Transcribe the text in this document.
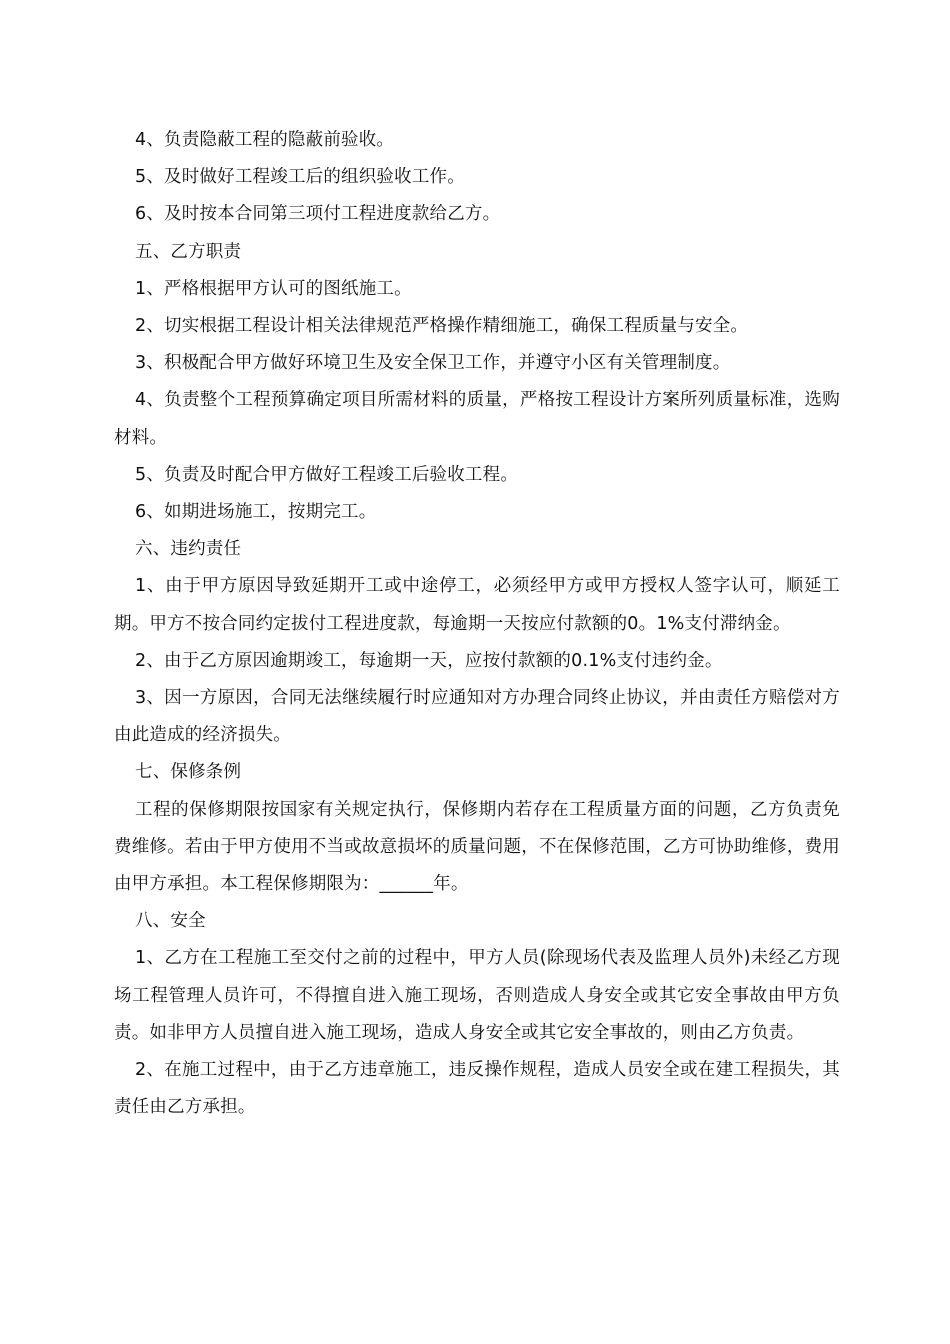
4、负责隐蔽工程的隐蔽前验收。

5、及时做好工程竣工后的组织验收工作。

6、及时按本合同第三项付工程进度款给乙方。

五、乙方职责

1、严格根据甲方认可的图纸施工。

2、切实根据工程设计相关法律规范严格操作精细施工，确保工程质量与安全。

3、积极配合甲方做好环境卫生及安全保卫工作，并遵守小区有关管理制度。

4、负责整个工程预算确定项目所需材料的质量，严格按工程设计方案所列质量标准，选购材料。

5、负责及时配合甲方做好工程竣工后验收工程。

6、如期进场施工，按期完工。

六、违约责任

1、由于甲方原因导致延期开工或中途停工，必须经甲方或甲方授权人签字认可，顺延工期。甲方不按合同约定拔付工程进度款，每逾期一天按应付款额的0。1%支付滞纳金。

2、由于乙方原因逾期竣工，每逾期一天，应按付款额的0.1%支付违约金。

3、因一方原因，合同无法继续履行时应通知对方办理合同终止协议，并由责任方赔偿对方由此造成的经济损失。

七、保修条例

工程的保修期限按国家有关规定执行，保修期内若存在工程质量方面的问题，乙方负责免费维修。若由于甲方使用不当或故意损坏的质量问题，不在保修范围，乙方可协助维修，费用由甲方承担。本工程保修期限为：______年。

八、安全

1、乙方在工程施工至交付之前的过程中，甲方人员(除现场代表及监理人员外)未经乙方现场工程管理人员许可，不得擅自进入施工现场，否则造成人身安全或其它安全事故由甲方负责。如非甲方人员擅自进入施工现场，造成人身安全或其它安全事故的，则由乙方负责。

2、在施工过程中，由于乙方违章施工，违反操作规程，造成人员安全或在建工程损失，其责任由乙方承担。
